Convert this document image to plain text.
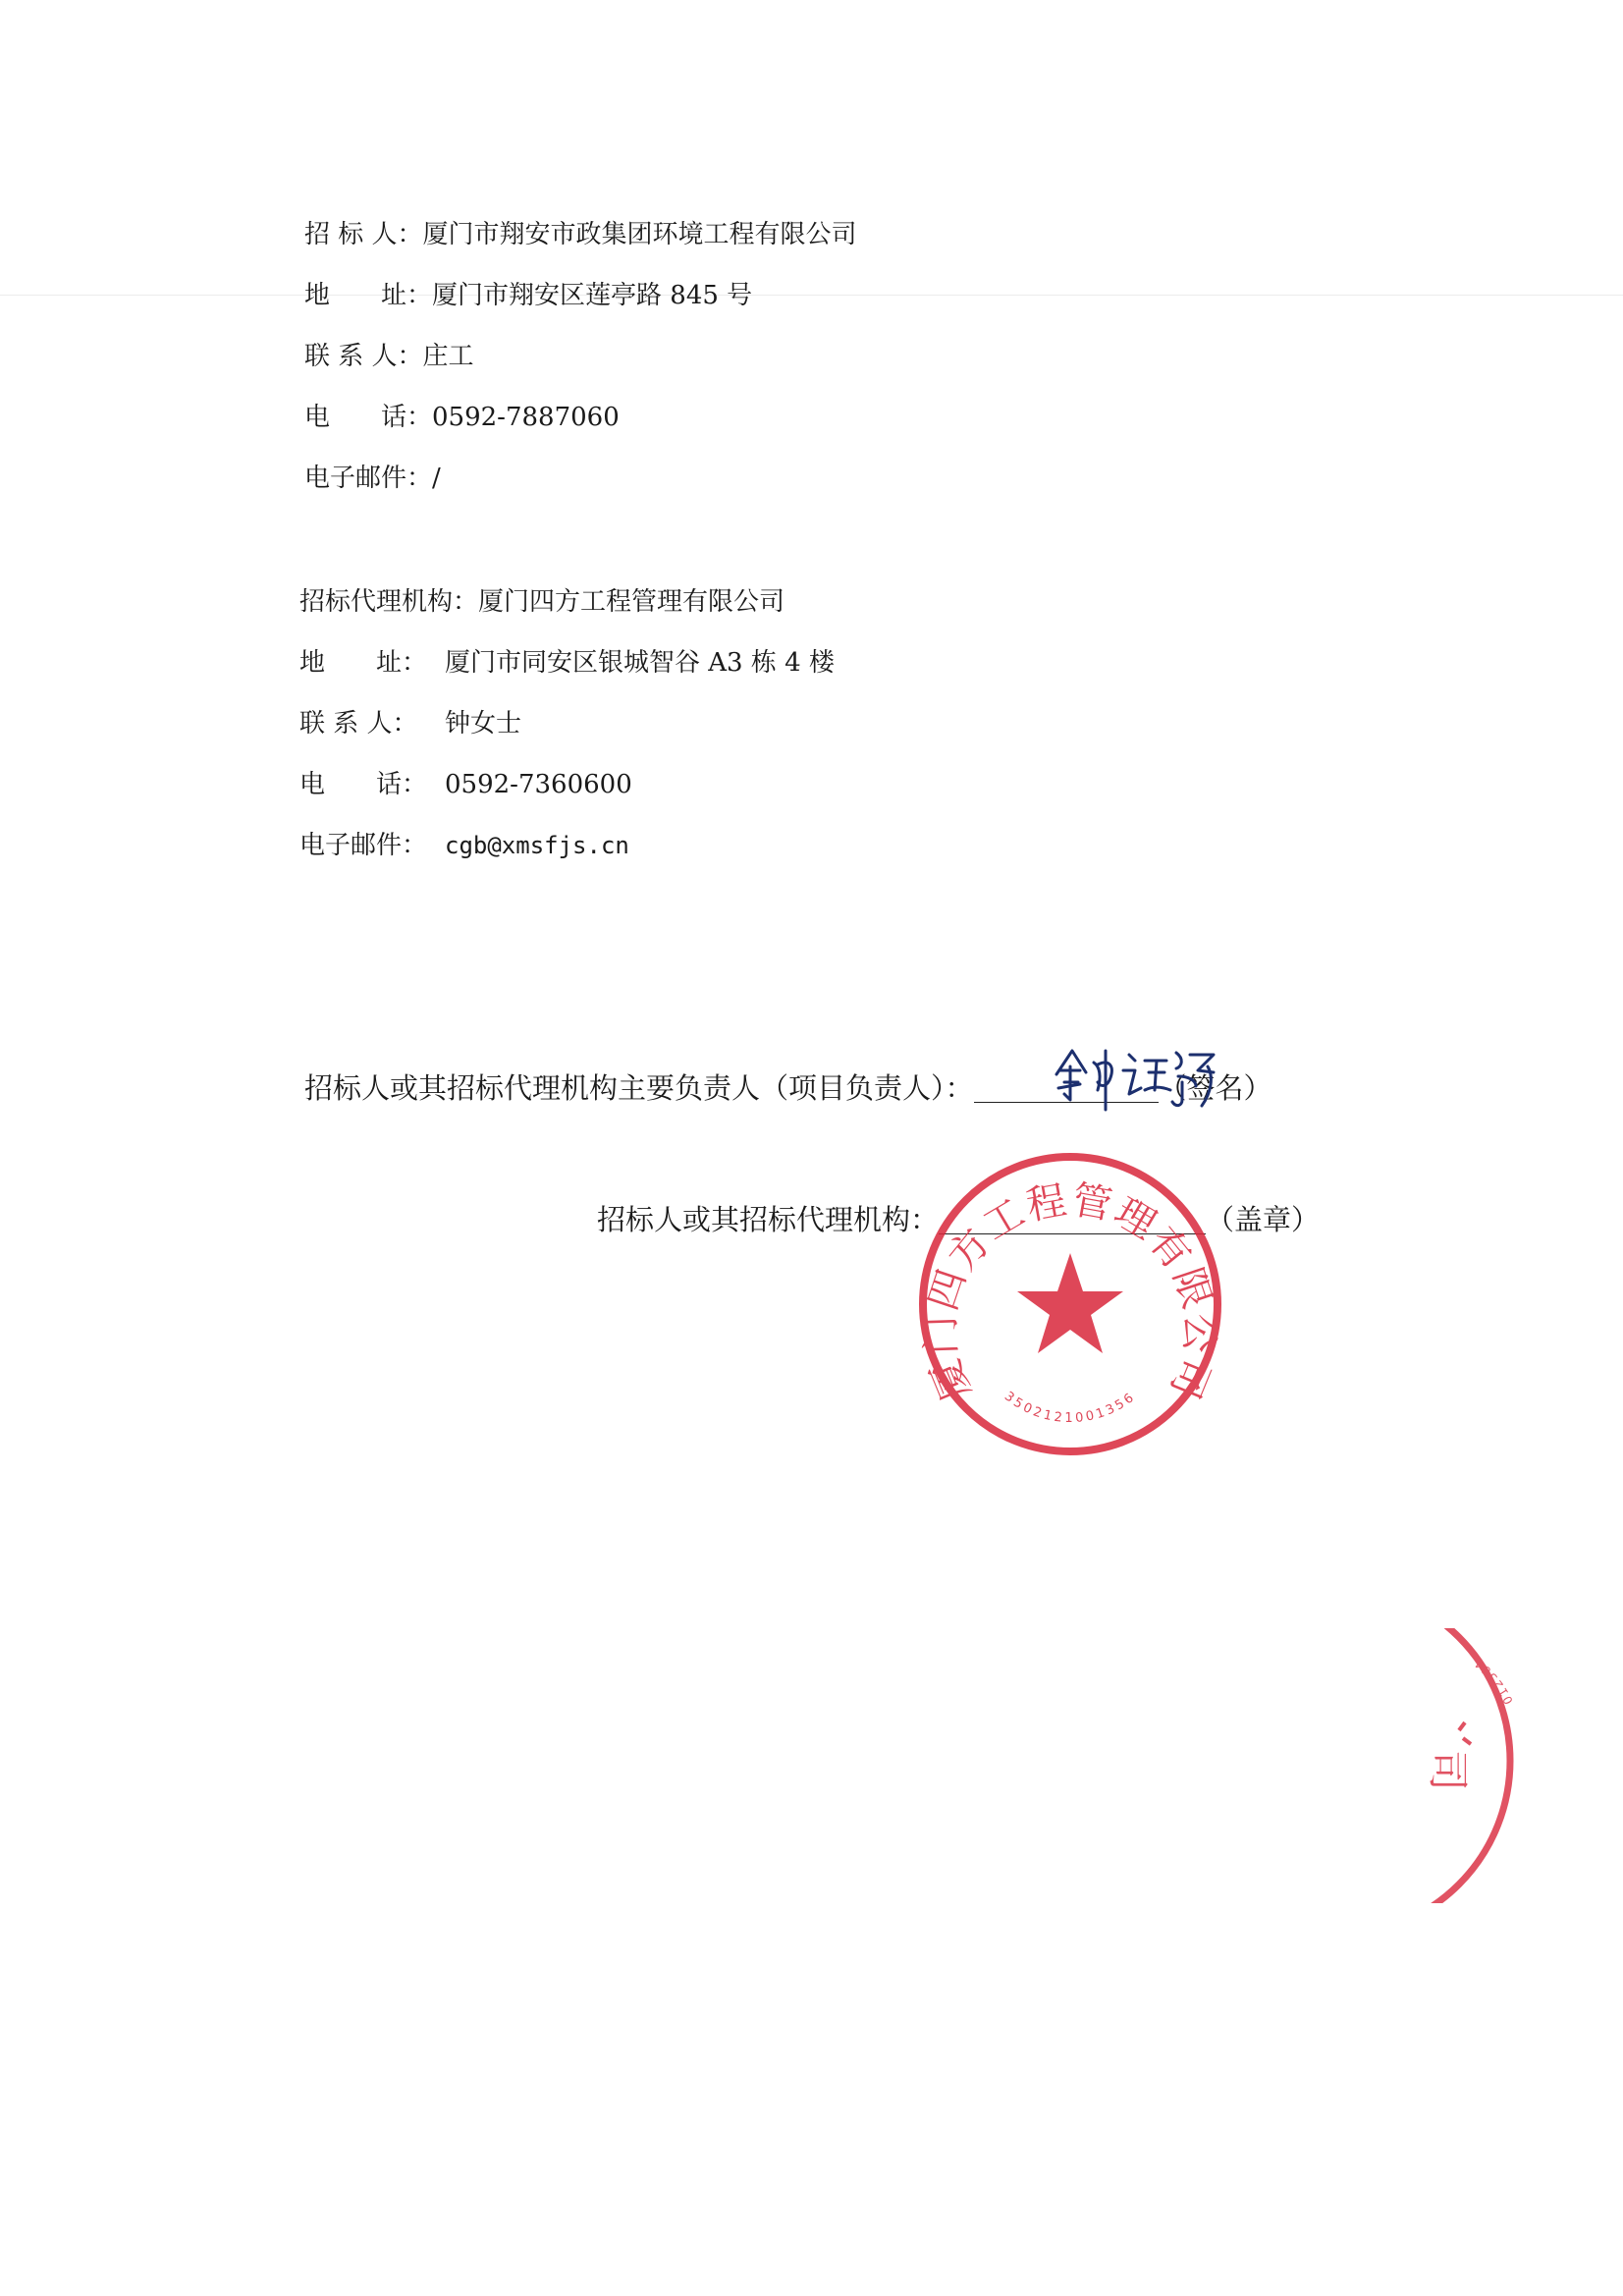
招 标 人：厦门市翔安市政集团环境工程有限公司
地　　址：厦门市翔安区莲亭路 845 号
联 系 人：庄工
电　　话：0592-7887060
电子邮件：/
招标代理机构：厦门四方工程管理有限公司
地　　址： 厦门市同安区银城智谷 A3 栋 4 楼
联 系 人： 钟女士
电　　话： 0592-7360600
电子邮件： cgb@xmsfjs.cn
招标人或其招标代理机构主要负责人（项目负责人）：	（签名）
招标人或其招标代理机构：	（盖章）
厦门四方工程管理有限公司
3502121001356
司
012364
